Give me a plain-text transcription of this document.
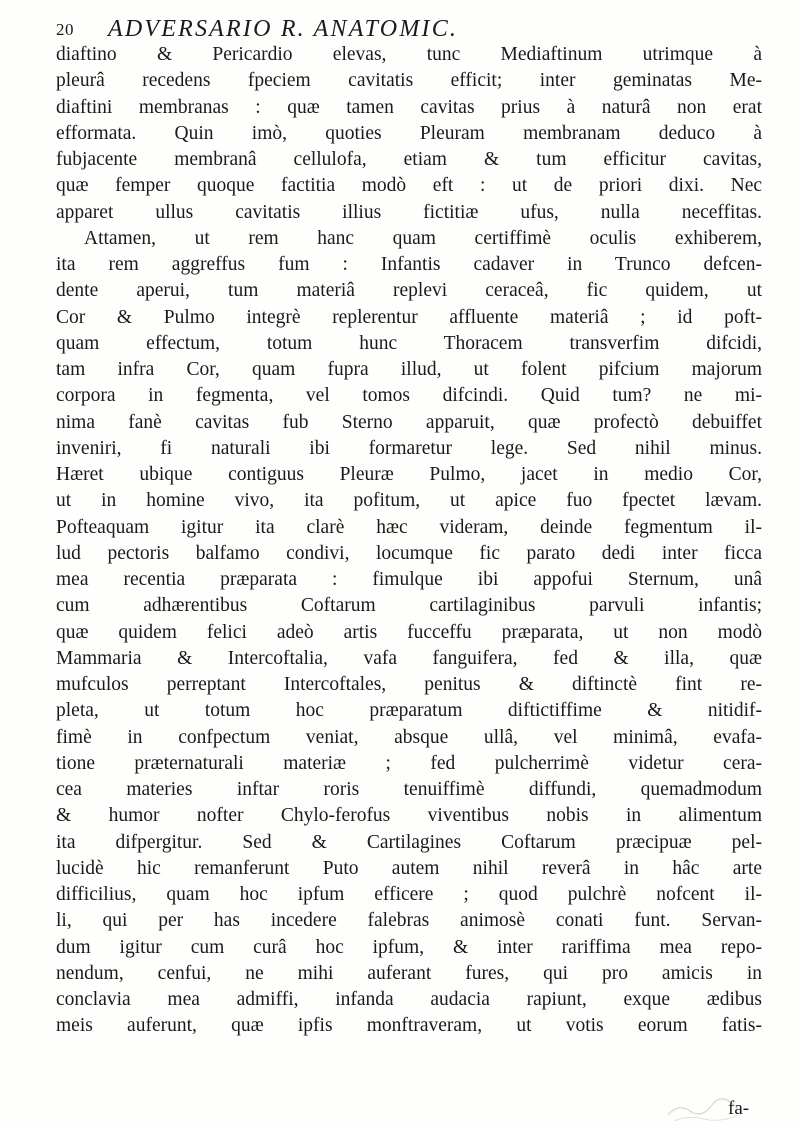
20 ADVERSARIO R. ANATOMIC.
diaftino & Pericardio elevas, tunc Mediaftinum utrimque à
pleurâ recedens fpeciem cavitatis efficit; inter geminatas Me-
diaftini membranas : quæ tamen cavitas prius à naturâ non erat
efformata. Quin imò, quoties Pleuram membranam deduco à
fubjacente membranâ cellulofa, etiam & tum efficitur cavitas,
quæ femper quoque factitia modò eft : ut de priori dixi. Nec
apparet ullus cavitatis illius fictitiæ ufus, nulla neceffitas.
Attamen, ut rem hanc quam certiffimè oculis exhiberem,
ita rem aggreffus fum : Infantis cadaver in Trunco defcen-
dente aperui, tum materiâ replevi ceraceâ, fic quidem, ut
Cor & Pulmo integrè replerentur affluente materiâ ; id poft-
quam effectum, totum hunc Thoracem transverfim difcidi,
tam infra Cor, quam fupra illud, ut folent pifcium majorum
corpora in fegmenta, vel tomos difcindi. Quid tum? ne mi-
nima fanè cavitas fub Sterno apparuit, quæ profectò debuiffet
inveniri, fi naturali ibi formaretur lege. Sed nihil minus.
Hæret ubique contiguus Pleuræ Pulmo, jacet in medio Cor,
ut in homine vivo, ita pofitum, ut apice fuo fpectet lævam.
Pofteaquam igitur ita clarè hæc videram, deinde fegmentum il-
lud pectoris balfamo condivi, locumque fic parato dedi inter ficca
mea recentia præparata : fimulque ibi appofui Sternum, unâ
cum adhærentibus Coftarum cartilaginibus parvuli infantis;
quæ quidem felici adeò artis fucceffu præparata, ut non modò
Mammaria & Intercoftalia, vafa fanguifera, fed & illa, quæ
mufculos perreptant Intercoftales, penitus & diftinctè fint re-
pleta, ut totum hoc præparatum diftictiffime & nitidif-
fimè in confpectum veniat, absque ullâ, vel minimâ, evafa-
tione præternaturali materiæ ; fed pulcherrimè videtur cera-
cea materies inftar roris tenuiffimè diffundi, quemadmodum
& humor nofter Chylo-ferofus viventibus nobis in alimentum
ita difpergitur. Sed & Cartilagines Coftarum præcipuæ pel-
lucidè hic remanferunt Puto autem nihil reverâ in hâc arte
difficilius, quam hoc ipfum efficere ; quod pulchrè nofcent il-
li, qui per has incedere falebras animosè conati funt. Servan-
dum igitur cum curâ hoc ipfum, & inter rariffima mea repo-
nendum, cenfui, ne mihi auferant fures, qui pro amicis in
conclavia mea admiffi, infanda audacia rapiunt, exque ædibus
meis auferunt, quæ ipfis monftraveram, ut votis eorum fatis-
fa-
